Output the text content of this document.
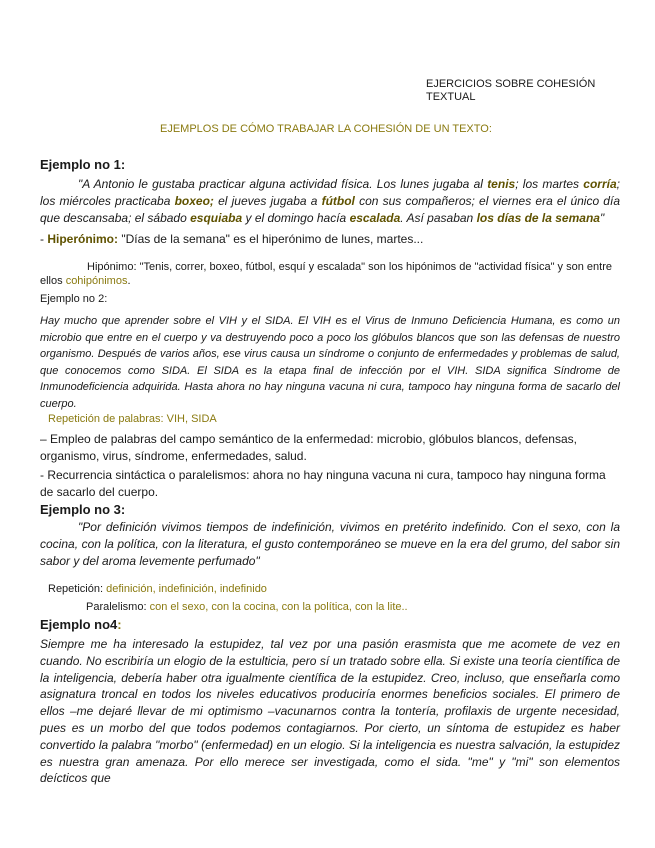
EJERCICIOS SOBRE COHESIÓN
TEXTUAL
EJEMPLOS DE CÓMO TRABAJAR LA COHESIÓN DE UN TEXTO:
Ejemplo no 1:

"A Antonio le gustaba practicar alguna actividad física. Los lunes jugaba al tenis; los martes corría; los miércoles practicaba boxeo; el jueves jugaba a fútbol con sus compañeros; el viernes era el único día que descansaba; el sábado esquiaba y el domingo hacía escalada. Así pasaban los días de la semana"

- Hiperónimo: "Días de la semana" es el hiperónimo de lunes, martes...

Hipónimo: "Tenis, correr, boxeo, fútbol, esquí y escalada" son los hipónimos de "actividad física" y son entre ellos cohipónimos.

Ejemplo no 2:

Hay mucho que aprender sobre el VIH y el SIDA. El VIH es el Virus de Inmuno Deficiencia Humana, es como un microbio que entre en el cuerpo y va destruyendo poco a poco los glóbulos blancos que son las defensas de nuestro organismo. Después de varios años, ese virus causa un síndrome o conjunto de enfermedades y problemas de salud, que conocemos como SIDA. El SIDA es la etapa final de infección por el VIH. SIDA significa Síndrome de Inmunodeficiencia adquirida. Hasta ahora no hay ninguna vacuna ni cura, tampoco hay ninguna forma de sacarlo del cuerpo.

Repetición de palabras: VIH, SIDA

– Empleo de palabras del campo semántico de la enfermedad: microbio, glóbulos blancos, defensas, organismo, virus, síndrome, enfermedades, salud.

- Recurrencia sintáctica o paralelismos: ahora no hay ninguna vacuna ni cura, tampoco hay ninguna forma de sacarlo del cuerpo.

Ejemplo no 3:

"Por definición vivimos tiempos de indefinición, vivimos en pretérito indefinido. Con el sexo, con la cocina, con la política, con la literatura, el gusto contemporáneo se mueve en la era del grumo, del sabor sin sabor y del aroma levemente perfumado"

Repetición: definición, indefinición, indefinido
Paralelismo: con el sexo, con la cocina, con la política, con la lite..
Ejemplo no4:

Siempre me ha interesado la estupidez, tal vez por una pasión erasmista que me acomete de vez en cuando. No escribiría un elogio de la estulticia, pero sí un tratado sobre ella. Si existe una teoría científica de la inteligencia, debería haber otra igualmente científica de la estupidez. Creo, incluso, que enseñarla como asignatura troncal en todos los niveles educativos produciría enormes beneficios sociales. El primero de ellos –me dejaré llevar de mi optimismo –vacunarnos contra la tontería, profilaxis de urgente necesidad, pues es un morbo del que todos podemos contagiarnos. Por cierto, un síntoma de estupidez es haber convertido la palabra "morbo" (enfermedad) en un elogio. Si la inteligencia es nuestra salvación, la estupidez es nuestra gran amenaza. Por ello merece ser investigada, como el sida. "me" y "mi" son elementos deícticos que
